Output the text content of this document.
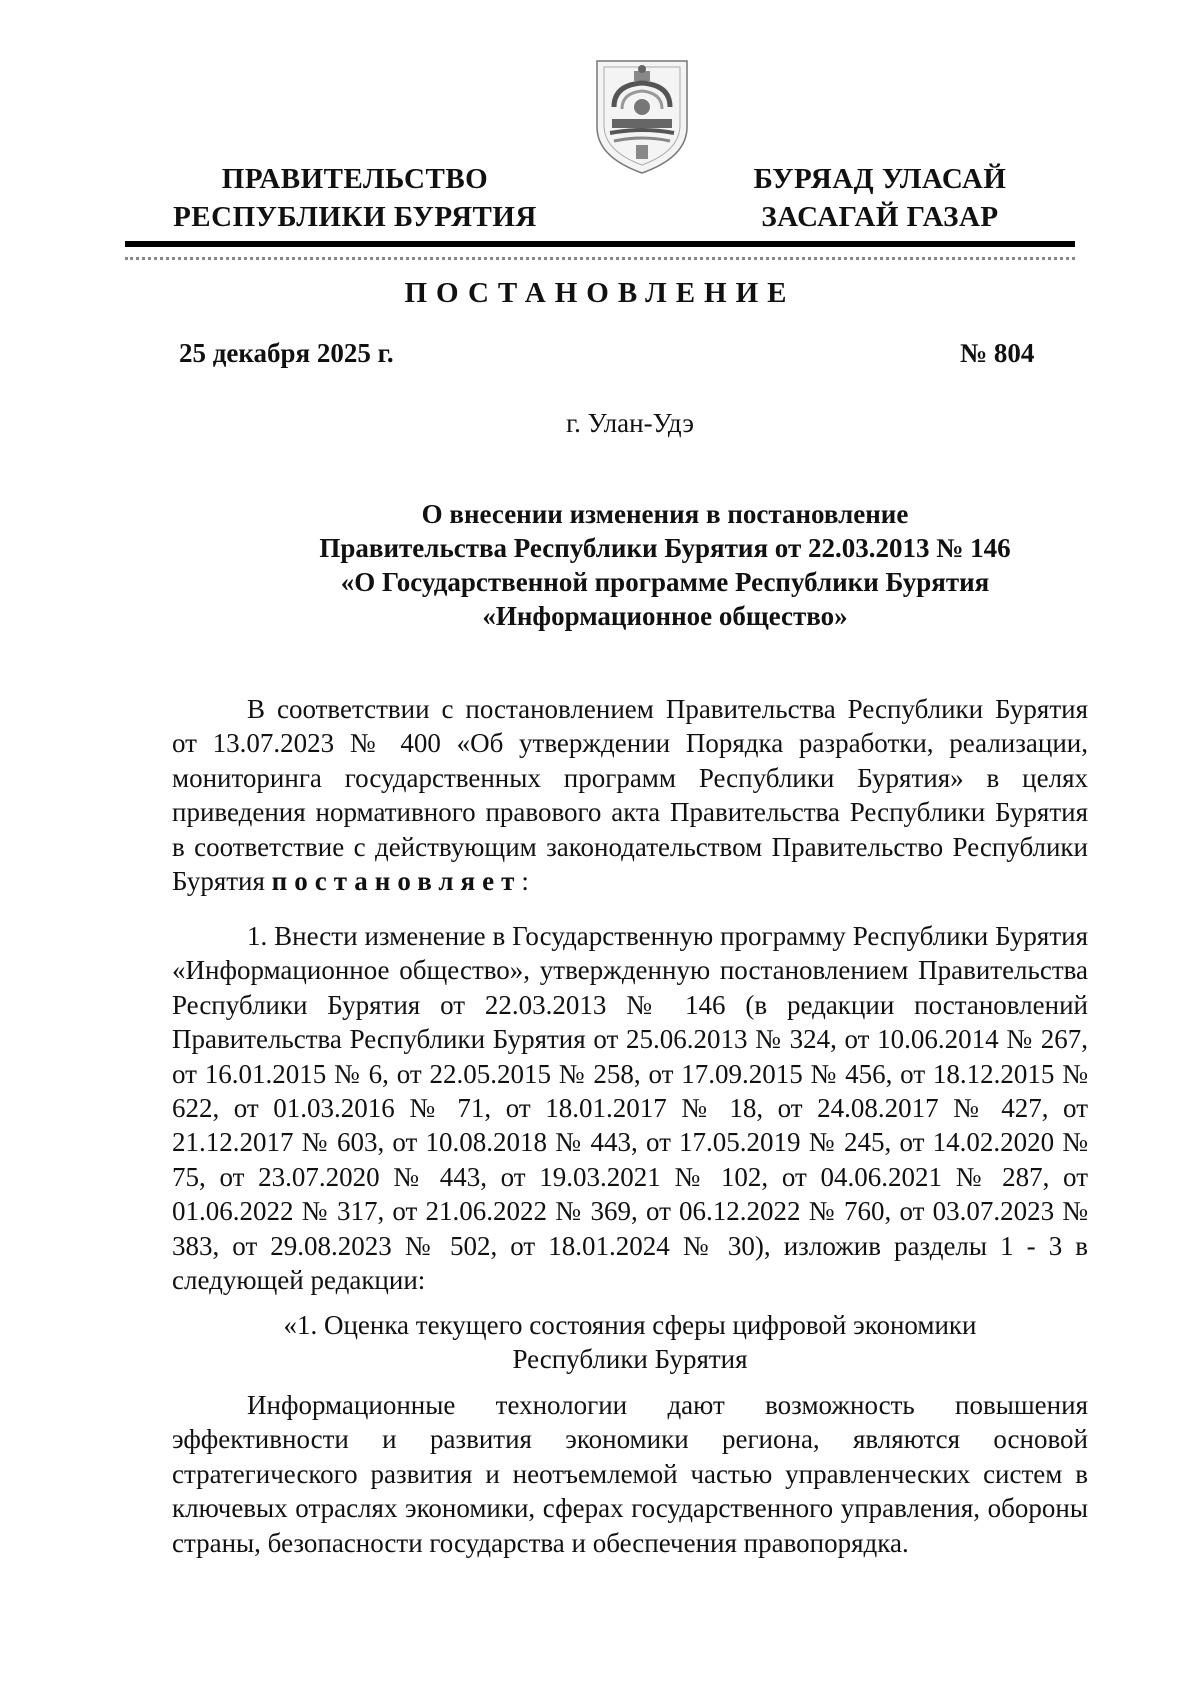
ПРАВИТЕЛЬСТВО
РЕСПУБЛИКИ БУРЯТИЯ
БУРЯАД УЛАСАЙ
ЗАСАГАЙ ГАЗАР
ПОСТАНОВЛЕНИЕ
25 декабря 2025 г.	№ 804
г. Улан-Удэ
О внесении изменения в постановление
Правительства Республики Бурятия от 22.03.2013 № 146
«О Государственной программе Республики Бурятия
«Информационное общество»

В соответствии с постановлением Правительства Республики Бурятия от 13.07.2023 № 400 «Об утверждении Порядка разработки, реализации, мониторинга государственных программ Республики Бурятия» в целях приведения нормативного правового акта Правительства Республики Бурятия в соответствие с действующим законодательством Правительство Республики Бурятия постановляет:

1. Внести изменение в Государственную программу Республики Бурятия «Информационное общество», утвержденную постановлением Правительства Республики Бурятия от 22.03.2013 № 146 (в редакции постановлений Правительства Республики Бурятия от 25.06.2013 № 324, от 10.06.2014 № 267, от 16.01.2015 № 6, от 22.05.2015 № 258, от 17.09.2015 № 456, от 18.12.2015 № 622, от 01.03.2016 № 71, от 18.01.2017 № 18, от 24.08.2017 № 427, от 21.12.2017 № 603, от 10.08.2018 № 443, от 17.05.2019 № 245, от 14.02.2020 № 75, от 23.07.2020 № 443, от 19.03.2021 № 102, от 04.06.2021 № 287, от 01.06.2022 № 317, от 21.06.2022 № 369, от 06.12.2022 № 760, от 03.07.2023 № 383, от 29.08.2023 № 502, от 18.01.2024 № 30), изложив разделы 1 - 3 в следующей редакции:

«1. Оценка текущего состояния сферы цифровой экономики
Республики Бурятия

Информационные технологии дают возможность повышения эффективности и развития экономики региона, являются основой стратегического развития и неотъемлемой частью управленческих систем в ключевых отраслях экономики, сферах государственного управления, обороны страны, безопасности государства и обеспечения правопорядка.
